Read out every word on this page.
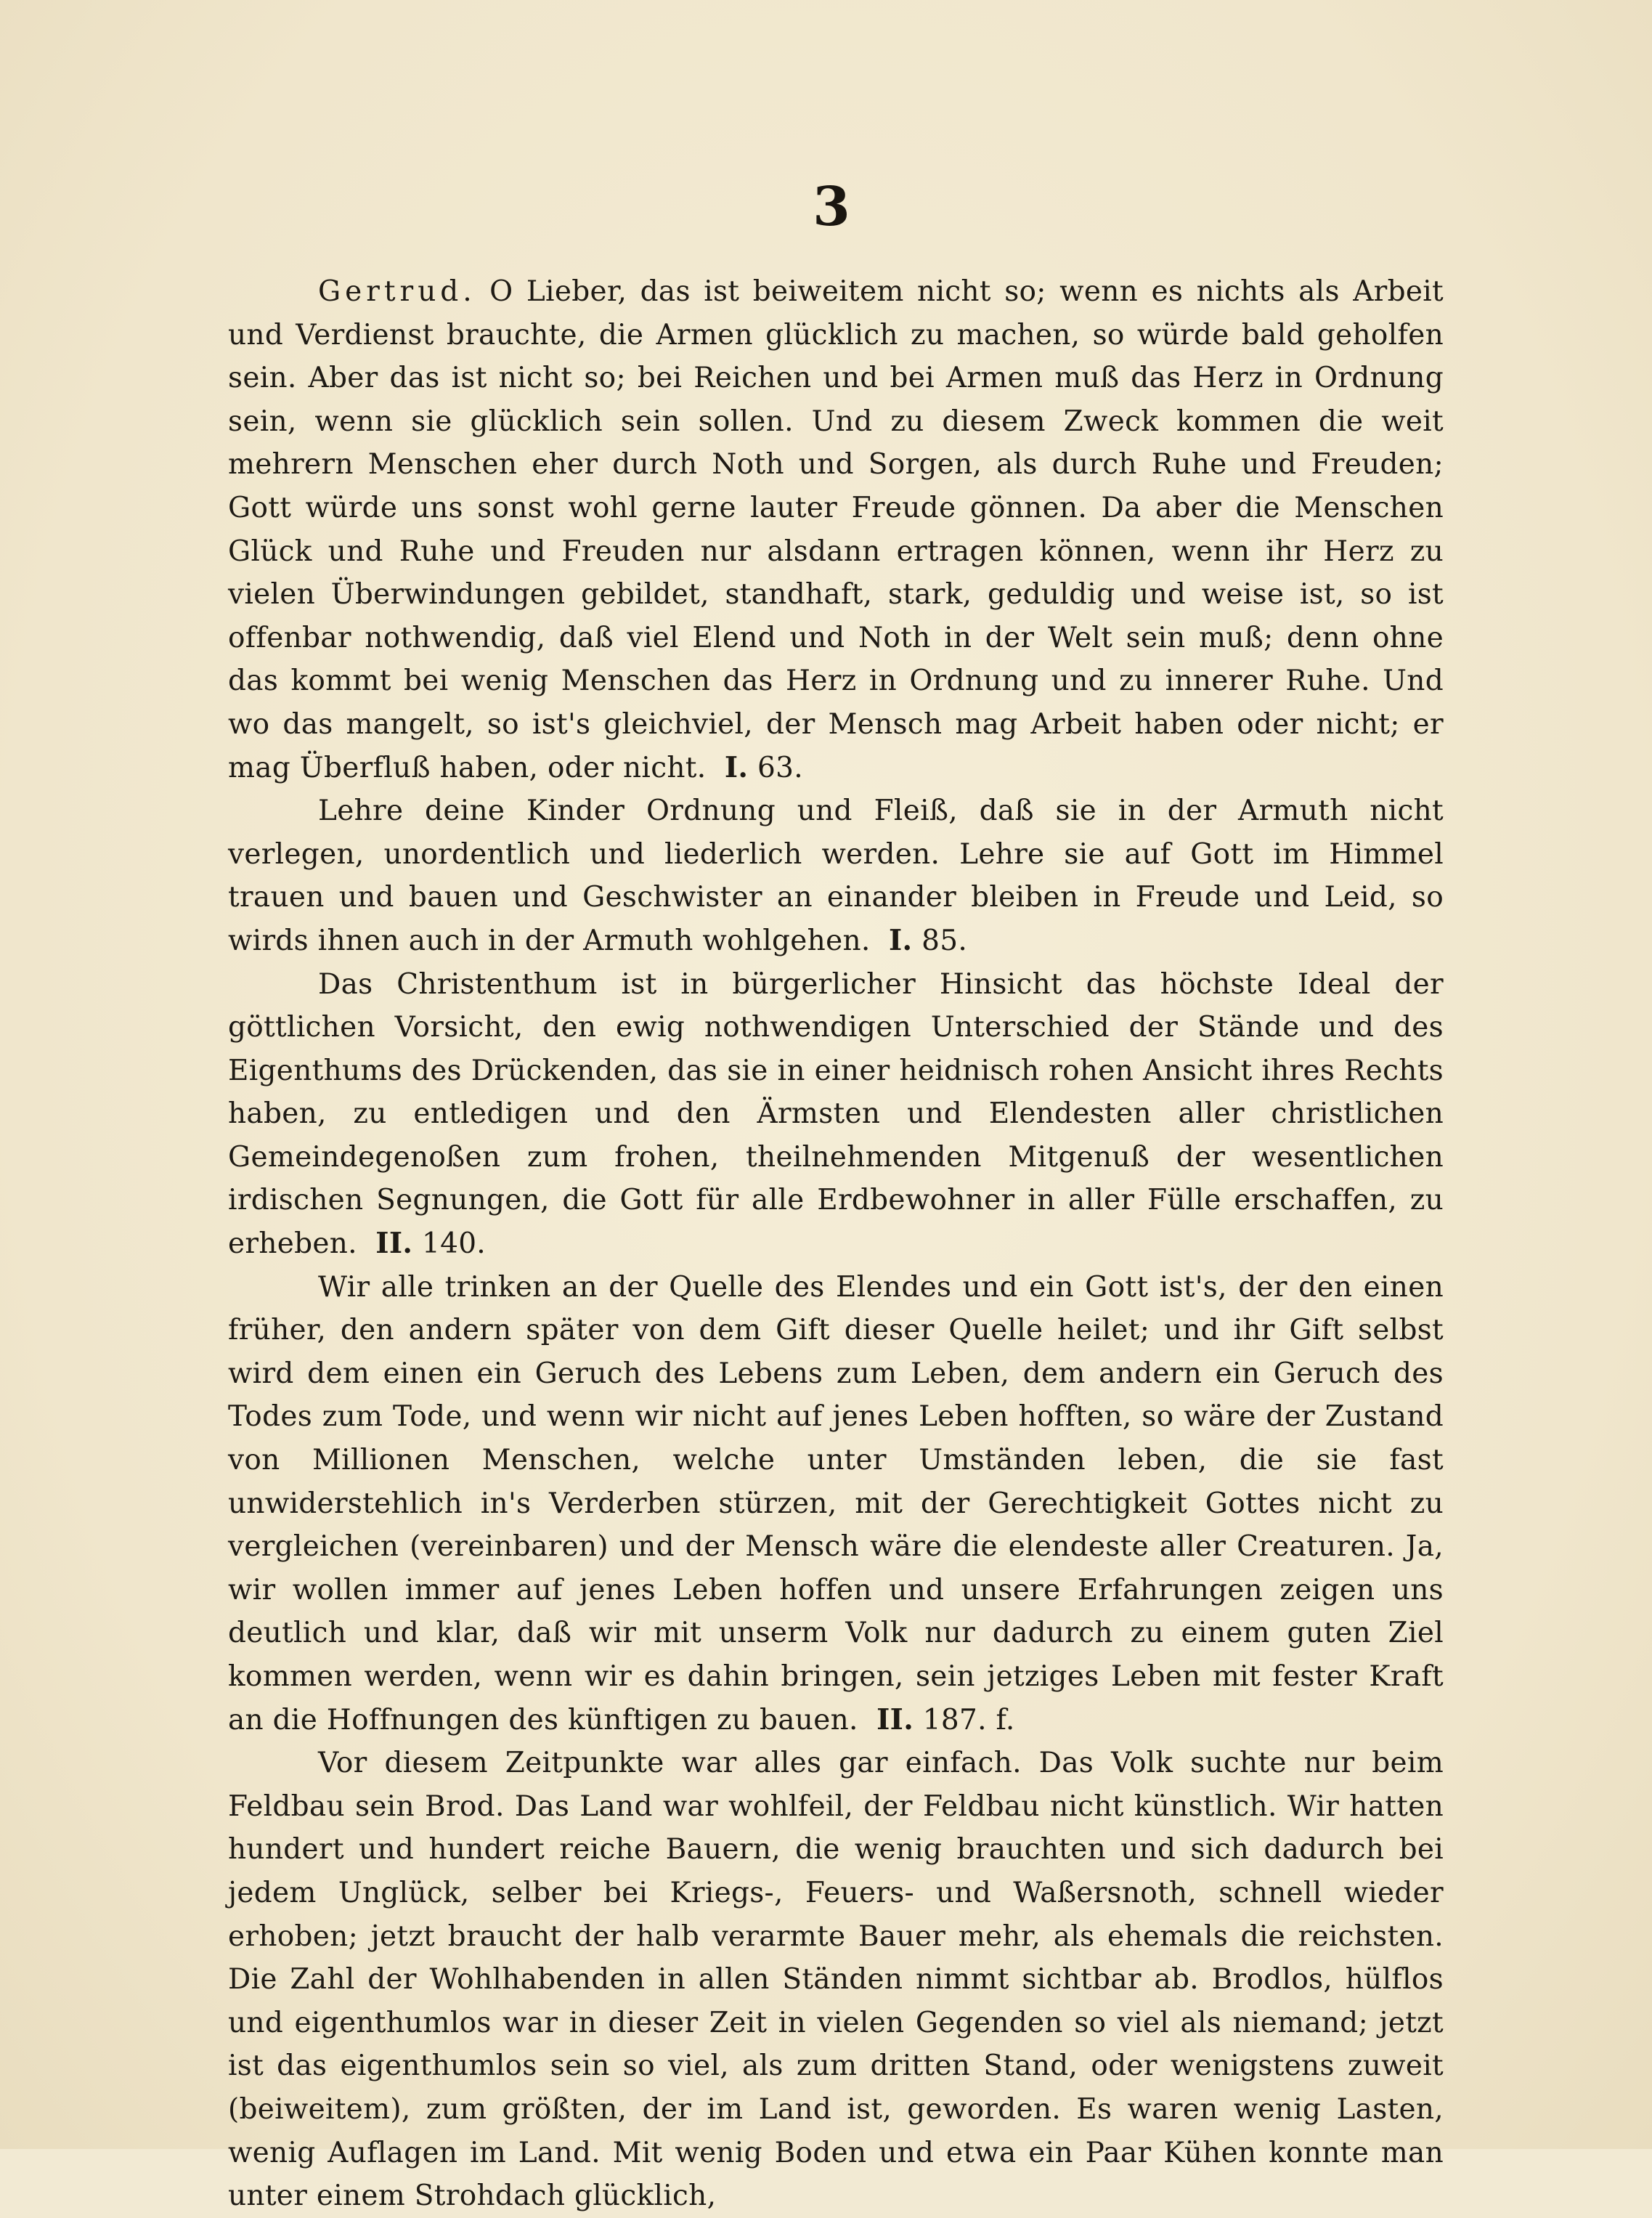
3

Gertrud. O Lieber, das ist beiweitem nicht so; wenn es nichts als Arbeit und Verdienst brauchte, die Armen glücklich zu machen, so würde bald geholfen sein. Aber das ist nicht so; bei Reichen und bei Armen muß das Herz in Ordnung sein, wenn sie glücklich sein sollen. Und zu diesem Zweck kommen die weit mehrern Menschen eher durch Noth und Sorgen, als durch Ruhe und Freuden; Gott würde uns sonst wohl gerne lauter Freude gönnen. Da aber die Menschen Glück und Ruhe und Freuden nur alsdann ertragen können, wenn ihr Herz zu vielen Überwindungen gebildet, standhaft, stark, geduldig und weise ist, so ist offenbar nothwendig, daß viel Elend und Noth in der Welt sein muß; denn ohne das kommt bei wenig Menschen das Herz in Ordnung und zu innerer Ruhe. Und wo das mangelt, so ist's gleichviel, der Mensch mag Arbeit haben oder nicht; er mag Überfluß haben, oder nicht. I. 63.

Lehre deine Kinder Ordnung und Fleiß, daß sie in der Armuth nicht verlegen, unordentlich und liederlich werden. Lehre sie auf Gott im Himmel trauen und bauen und Geschwister an einander bleiben in Freude und Leid, so wirds ihnen auch in der Armuth wohlgehen. I. 85.

Das Christenthum ist in bürgerlicher Hinsicht das höchste Ideal der göttlichen Vorsicht, den ewig nothwendigen Unterschied der Stände und des Eigenthums des Drückenden, das sie in einer heidnisch rohen Ansicht ihres Rechts haben, zu entledigen und den Ärmsten und Elendesten aller christlichen Gemeindegenoßen zum frohen, theilnehmenden Mitgenuß der wesentlichen irdischen Segnungen, die Gott für alle Erdbewohner in aller Fülle erschaffen, zu erheben. II. 140.

Wir alle trinken an der Quelle des Elendes und ein Gott ist's, der den einen früher, den andern später von dem Gift dieser Quelle heilet; und ihr Gift selbst wird dem einen ein Geruch des Lebens zum Leben, dem andern ein Geruch des Todes zum Tode, und wenn wir nicht auf jenes Leben hofften, so wäre der Zustand von Millionen Menschen, welche unter Umständen leben, die sie fast unwiderstehlich in's Verderben stürzen, mit der Gerechtigkeit Gottes nicht zu vergleichen (vereinbaren) und der Mensch wäre die elendeste aller Creaturen. Ja, wir wollen immer auf jenes Leben hoffen und unsere Erfahrungen zeigen uns deutlich und klar, daß wir mit unserm Volk nur dadurch zu einem guten Ziel kommen werden, wenn wir es dahin bringen, sein jetziges Leben mit fester Kraft an die Hoffnungen des künftigen zu bauen. II. 187. f.

Vor diesem Zeitpunkte war alles gar einfach. Das Volk suchte nur beim Feldbau sein Brod. Das Land war wohlfeil, der Feldbau nicht künstlich. Wir hatten hundert und hundert reiche Bauern, die wenig brauchten und sich dadurch bei jedem Unglück, selber bei Kriegs-, Feuers- und Waßersnoth, schnell wieder erhoben; jetzt braucht der halb verarmte Bauer mehr, als ehemals die reichsten. Die Zahl der Wohlhabenden in allen Ständen nimmt sichtbar ab. Brodlos, hülflos und eigenthumlos war in dieser Zeit in vielen Gegenden so viel als niemand; jetzt ist das eigenthumlos sein so viel, als zum dritten Stand, oder wenigstens zuweit (beiweitem), zum größten, der im Land ist, geworden. Es waren wenig Lasten, wenig Auflagen im Land. Mit wenig Boden und etwa ein Paar Kühen konnte man unter einem Strohdach glücklich,
